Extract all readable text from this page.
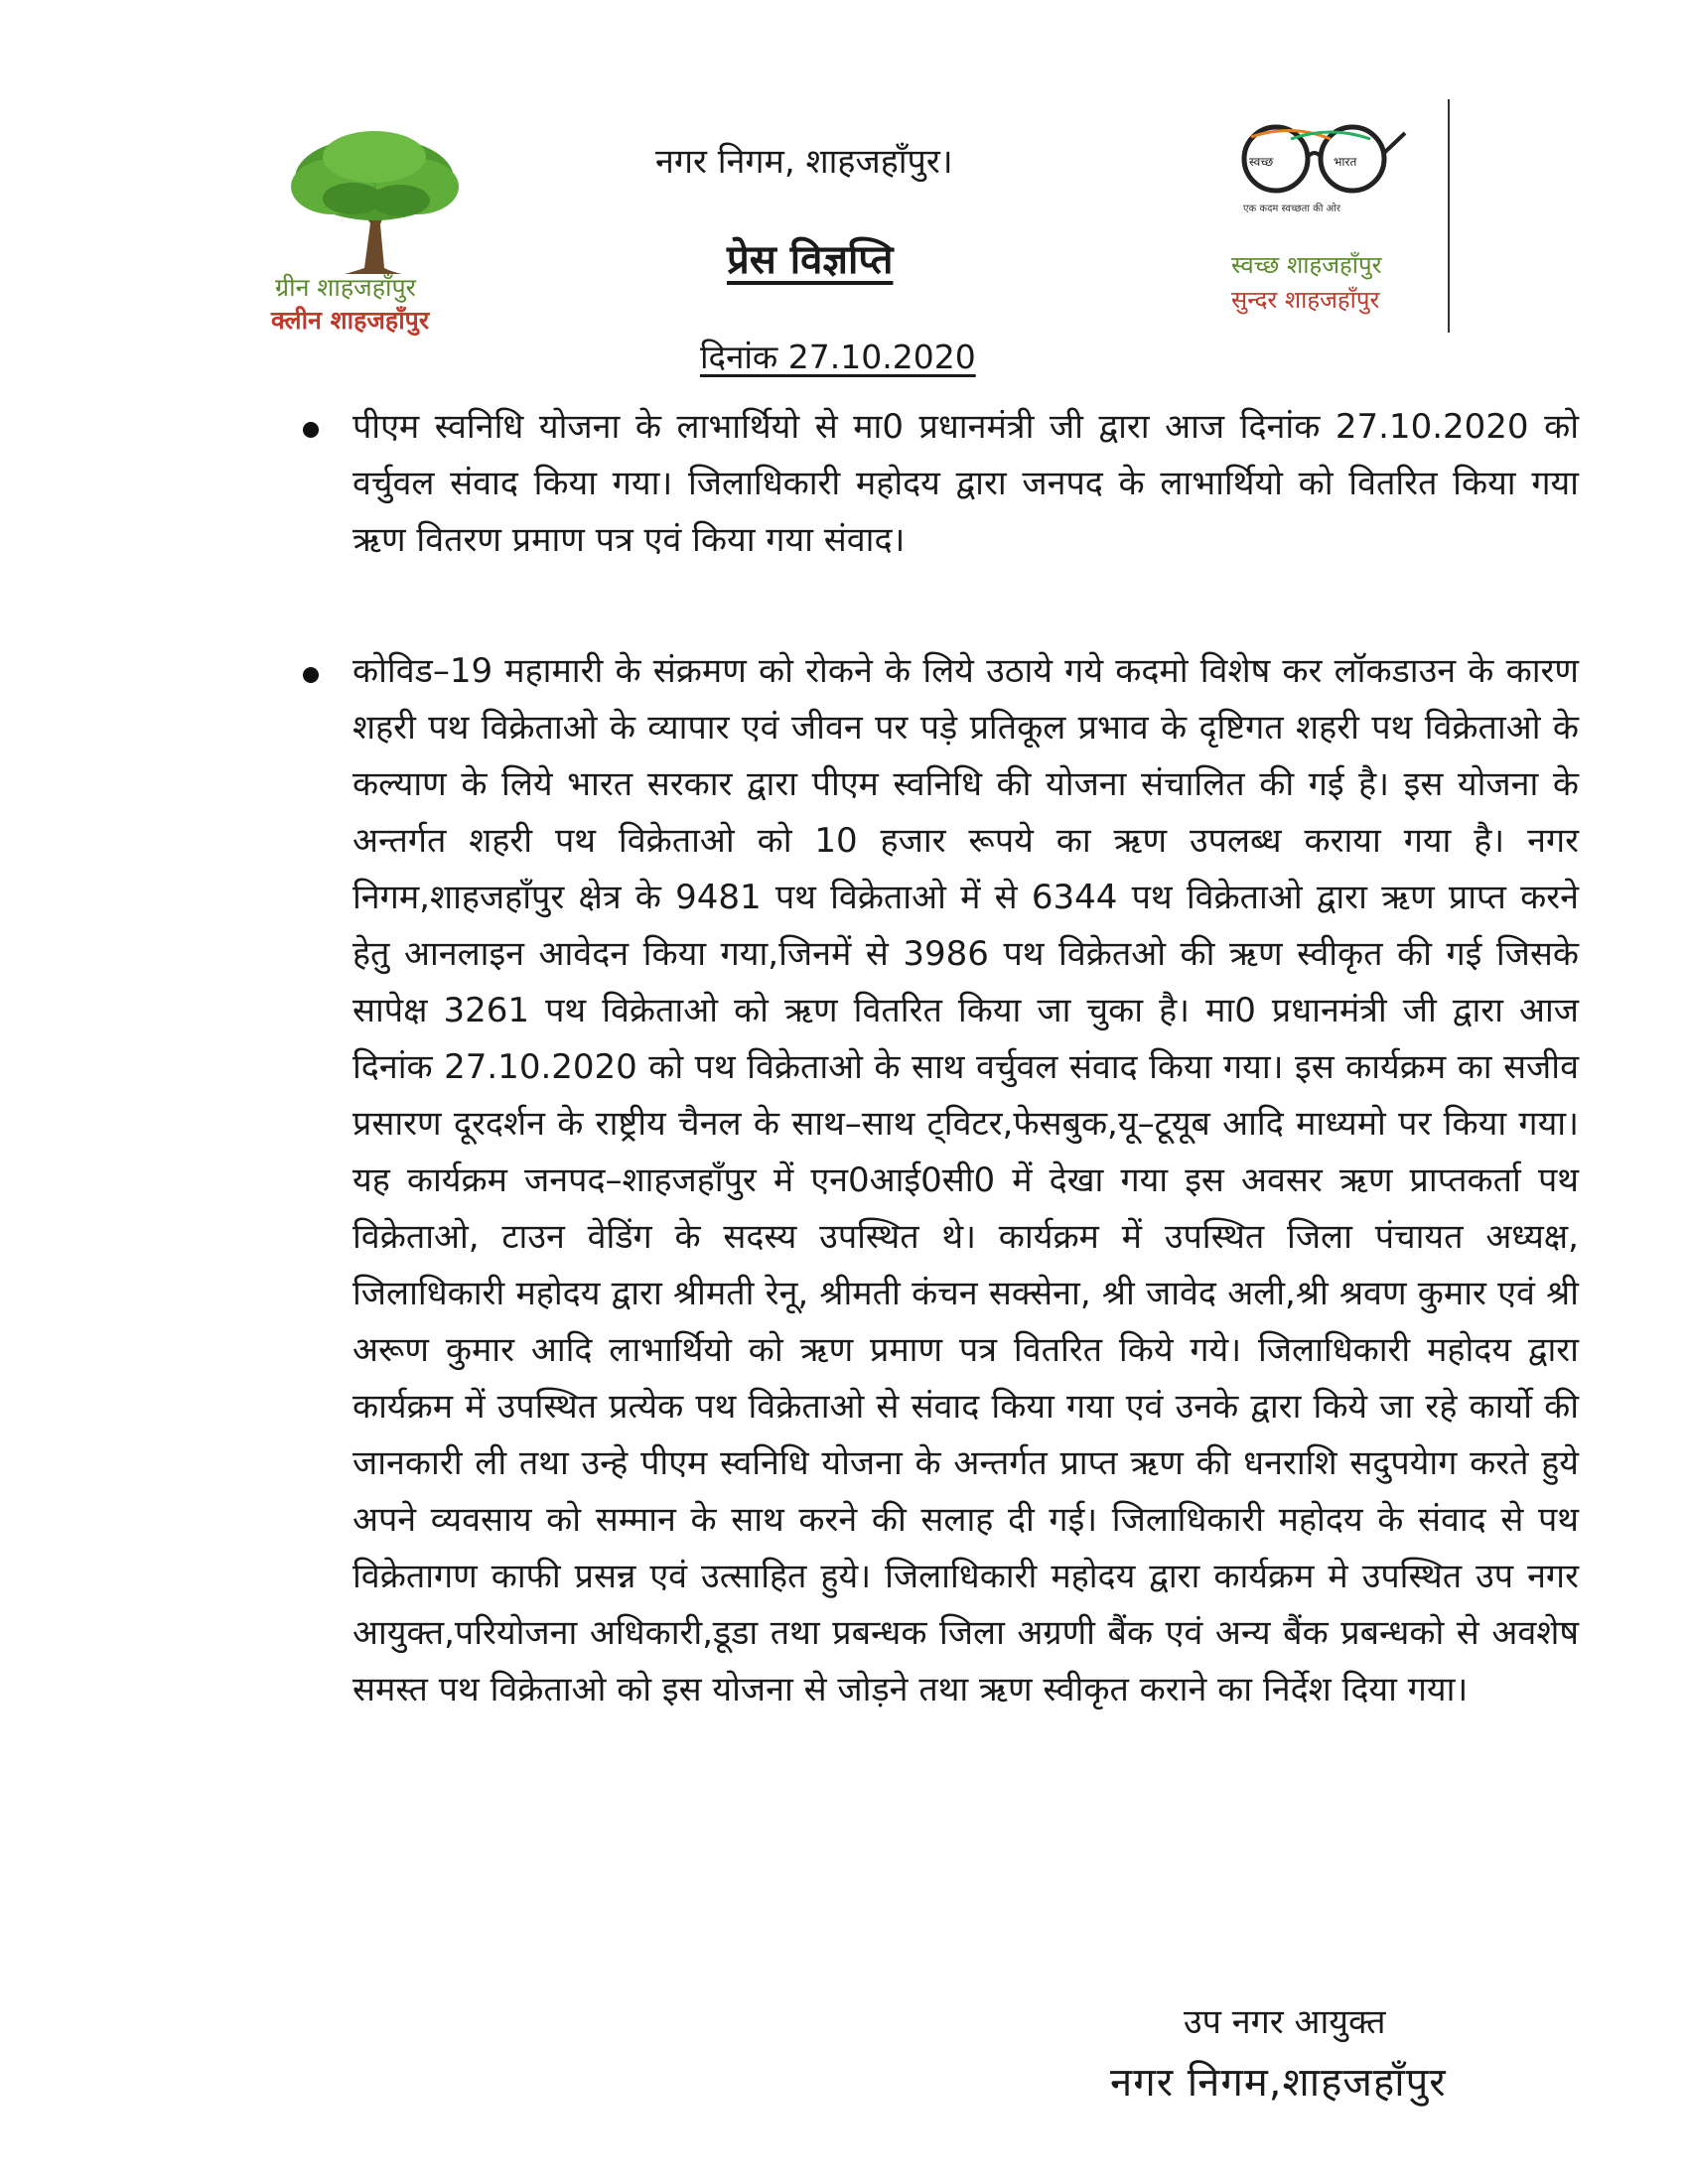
ग्रीन शाहजहाँपुर
क्लीन शाहजहाँपुर
नगर निगम, शाहजहाँपुर।
प्रेस विज्ञप्ति
दिनांक 27.10.2020
स्वच्छ	भारत
एक कदम स्वच्छता की ओर
स्वच्छ शाहजहाँपुर
सुन्दर शाहजहाँपुर
पीएम स्वनिधि योजना के लाभार्थियो से मा0 प्रधानमंत्री जी द्वारा आज दिनांक 27.10.2020 को वर्चुवल संवाद किया गया। जिलाधिकारी महोदय द्वारा जनपद के लाभार्थियो को वितरित किया गया ऋण वितरण प्रमाण पत्र एवं किया गया संवाद।
कोविड–19 महामारी के संक्रमण को रोकने के लिये उठाये गये कदमो विशेष कर लॉकडाउन के कारण शहरी पथ विक्रेताओ के व्यापार एवं जीवन पर पड़े प्रतिकूल प्रभाव के दृष्टिगत शहरी पथ विक्रेताओ के कल्याण के लिये भारत सरकार द्वारा पीएम स्वनिधि की योजना संचालित की गई है। इस योजना के अन्तर्गत शहरी पथ विक्रेताओ को 10 हजार रूपये का ऋण उपलब्ध कराया गया है। नगर निगम,शाहजहाँपुर क्षेत्र के 9481 पथ विक्रेताओ में से 6344 पथ विक्रेताओ द्वारा ऋण प्राप्त करने हेतु आनलाइन आवेदन किया गया,जिनमें से 3986 पथ विक्रेतओ की ऋण स्वीकृत की गई जिसके सापेक्ष 3261 पथ विक्रेताओ को ऋण वितरित किया जा चुका है। मा0 प्रधानमंत्री जी द्वारा आज दिनांक 27.10.2020 को पथ विक्रेताओ के साथ वर्चुवल संवाद किया गया। इस कार्यक्रम का सजीव प्रसारण दूरदर्शन के राष्ट्रीय चैनल के साथ–साथ ट्विटर,फेसबुक,यू–टूयूब आदि माध्यमो पर किया गया। यह कार्यक्रम जनपद–शाहजहाँपुर में एन0आई0सी0 में देखा गया इस अवसर ऋण प्राप्तकर्ता पथ विक्रेताओ, टाउन वेडिंग के सदस्य उपस्थित थे। कार्यक्रम में उपस्थित जिला पंचायत अध्यक्ष, जिलाधिकारी महोदय द्वारा श्रीमती रेनू, श्रीमती कंचन सक्सेना, श्री जावेद अली,श्री श्रवण कुमार एवं श्री अरूण कुमार आदि लाभार्थियो को ऋण प्रमाण पत्र वितरित किये गये। जिलाधिकारी महोदय द्वारा कार्यक्रम में उपस्थित प्रत्येक पथ विक्रेताओ से संवाद किया गया एवं उनके द्वारा किये जा रहे कार्यो की जानकारी ली तथा उन्हे पीएम स्वनिधि योजना के अन्तर्गत प्राप्त ऋण की धनराशि सदुपयेाग करते हुये अपने व्यवसाय को सम्मान के साथ करने की सलाह दी गई। जिलाधिकारी महोदय के संवाद से पथ विक्रेतागण काफी प्रसन्न एवं उत्साहित हुये। जिलाधिकारी महोदय द्वारा कार्यक्रम मे उपस्थित उप नगर आयुक्त,परियोजना अधिकारी,डूडा तथा प्रबन्धक जिला अग्रणी बैंक एवं अन्य बैंक प्रबन्धको से अवशेष समस्त पथ विक्रेताओ को इस योजना से जोड़ने तथा ऋण स्वीकृत कराने का निर्देश दिया गया।
उप नगर आयुक्त
नगर निगम,शाहजहाँपुर
